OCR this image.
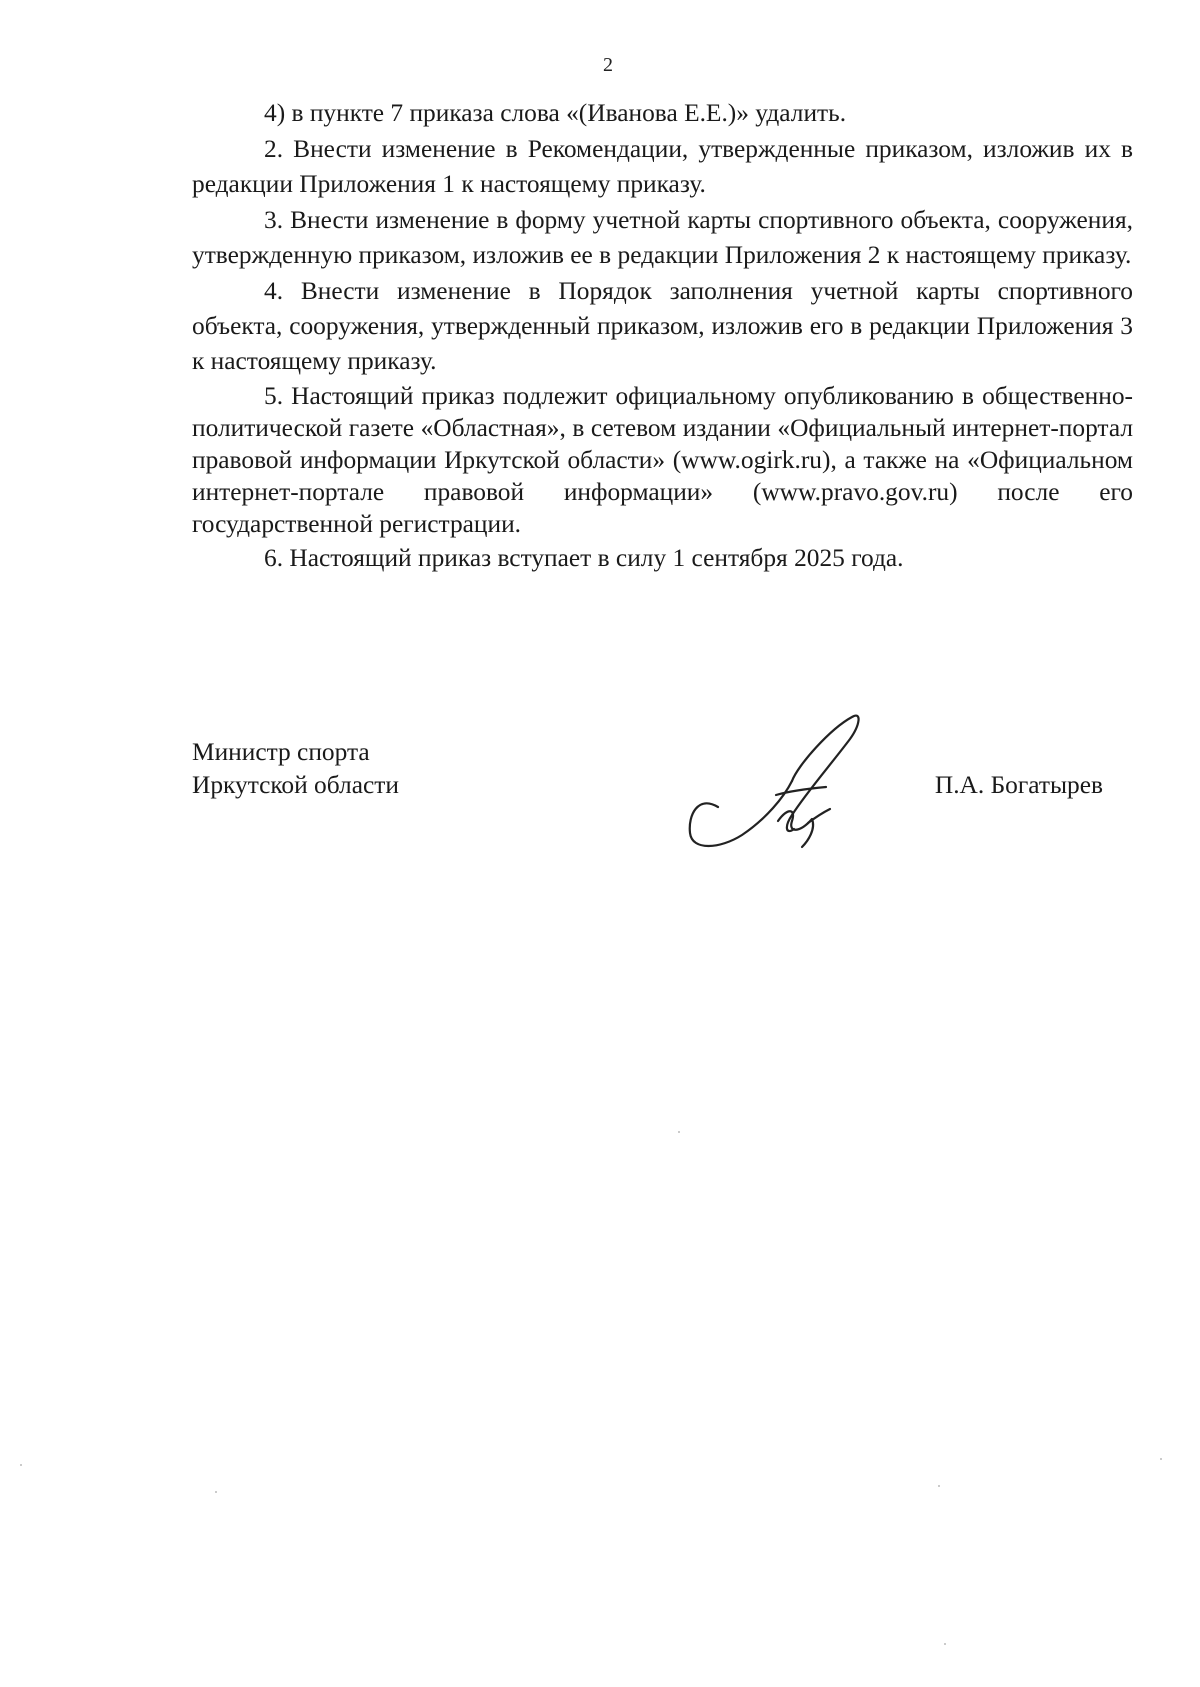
2

4) в пункте 7 приказа слова «(Иванова Е.Е.)» удалить.

2. Внести изменение в Рекомендации, утвержденные приказом, изложив их в редакции Приложения 1 к настоящему приказу.

3. Внести изменение в форму учетной карты спортивного объекта, сооружения, утвержденную приказом, изложив ее в редакции Приложения 2 к настоящему приказу.

4. Внести изменение в Порядок заполнения учетной карты спортивного объекта, сооружения, утвержденный приказом, изложив его в редакции Приложения 3 к настоящему приказу.

5. Настоящий приказ подлежит официальному опубликованию в общественно-политической газете «Областная», в сетевом издании «Официальный интернет-портал правовой информации Иркутской области» (www.ogirk.ru), а также на «Официальном интернет-портале правовой информации» (www.pravo.gov.ru) после его государственной регистрации.

6. Настоящий приказ вступает в силу 1 сентября 2025 года.

Министр спорта
Иркутской области	П.А. Богатырев
